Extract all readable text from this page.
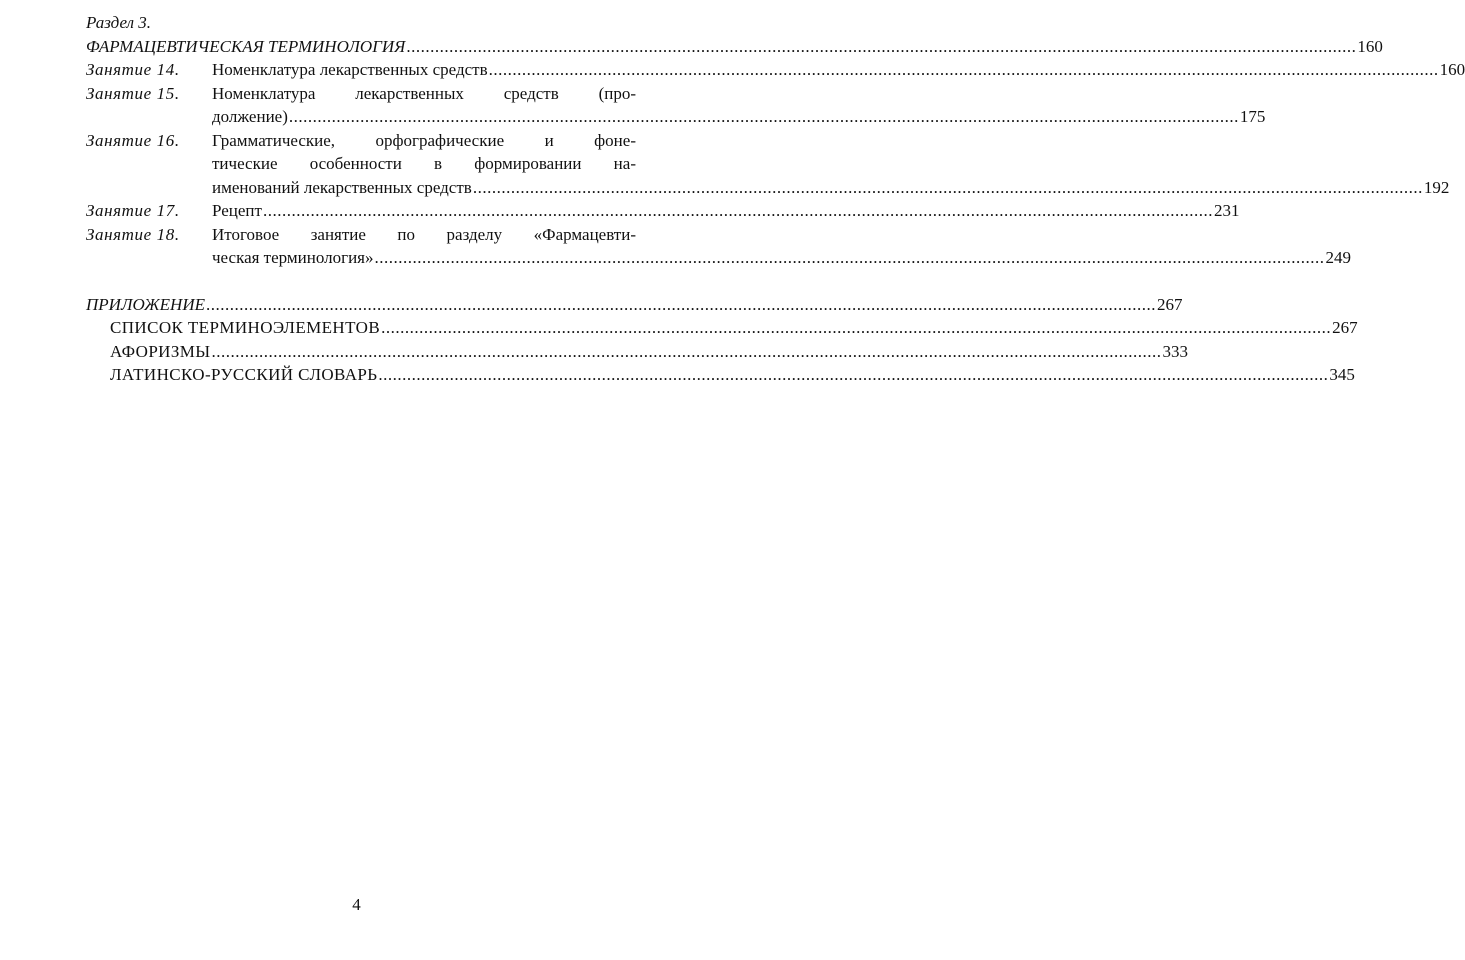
Раздел 3.
ФАРМАЦЕВТИЧЕСКАЯ ТЕРМИНОЛОГИЯ ........................................................................................................................................................................................................ 160
Занятие 14.	Номенклатура лекарственных средств ........................................................................................................................................................................................................ 160
Занятие 15.	Номенклатура лекарственных средств (про-
должение) ........................................................................................................................................................................................................ 175
Занятие 16.	Грамматические, орфографические и фоне-
тические особенности в формировании на-
именований лекарственных средств ........................................................................................................................................................................................................ 192
Занятие 17.	Рецепт ........................................................................................................................................................................................................ 231
Занятие 18.	Итоговое занятие по разделу «Фармацевти-
ческая терминология» ........................................................................................................................................................................................................ 249
ПРИЛОЖЕНИЕ ........................................................................................................................................................................................................ 267
СПИСОК ТЕРМИНОЭЛЕМЕНТОВ ........................................................................................................................................................................................................ 267
АФОРИЗМЫ ........................................................................................................................................................................................................ 333
ЛАТИНСКО-РУССКИЙ СЛОВАРЬ ........................................................................................................................................................................................................ 345
4
